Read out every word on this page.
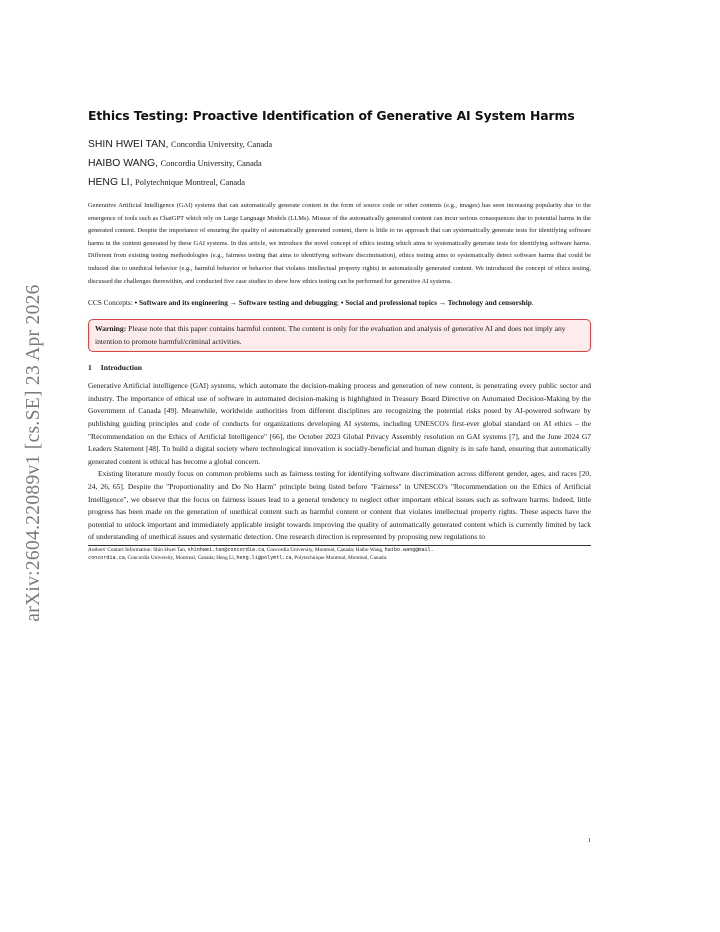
arXiv:2604.22089v1 [cs.SE] 23 Apr 2026
Ethics Testing: Proactive Identification of Generative AI System Harms
SHIN HWEI TAN, Concordia University, Canada
HAIBO WANG, Concordia University, Canada
HENG LI, Polytechnique Montreal, Canada
Generative Artificial Intelligence (GAI) systems that can automatically generate content in the form of source code or other contents (e.g., images) has seen increasing popularity due to the emergence of tools such as ChatGPT which rely on Large Language Models (LLMs). Misuse of the automatically generated content can incur serious consequences due to potential harms in the generated content. Despite the importance of ensuring the quality of automatically generated content, there is little to no approach that can systematically generate tests for identifying software harms in the content generated by these GAI systems. In this article, we introduce the novel concept of ethics testing which aims to systematically generate tests for identifying software harms. Different from existing testing methodologies (e.g., fairness testing that aims to identifying software discrimination), ethics testing aims to systematically detect software harms that could be induced due to unethical behavior (e.g., harmful behavior or behavior that violates intellectual property rights) in automatically generated content. We introduced the concept of ethics testing, discussed the challenges therewithin, and conducted five case studies to show how ethics testing can be performed for generative AI systems.
CCS Concepts: • Software and its engineering → Software testing and debugging; • Social and professional topics → Technology and censorship.
Warning: Please note that this paper contains harmful content. The content is only for the evaluation and analysis of generative AI and does not imply any intention to promote harmful/criminal activities.
1 Introduction

Generative Artificial intelligence (GAI) systems, which automate the decision-making process and generation of new content, is penetrating every public sector and industry. The importance of ethical use of software in automated decision-making is highlighted in Treasury Board Directive on Automated Decision-Making by the Government of Canada [49]. Meanwhile, worldwide authorities from different disciplines are recognizing the potential risks posed by AI-powered software by publishing guiding principles and code of conducts for organizations developing AI systems, including UNESCO's first-ever global standard on AI ethics – the "Recommendation on the Ethics of Artificial Intelligence" [66], the October 2023 Global Privacy Assembly resolution on GAI systems [7], and the June 2024 G7 Leaders Statement [48]. To build a digital society where technological innovation is socially-beneficial and human dignity is in safe hand, ensuring that automatically generated content is ethical has become a global concern.

Existing literature mostly focus on common problems such as fairness testing for identifying software discrimination across different gender, ages, and races [20, 24, 26, 65]. Despite the "Proportionality and Do No Harm" principle being listed before "Fairness" in UNESCO's "Recommendation on the Ethics of Artificial Intelligence", we observe that the focus on fairness issues lead to a general tendency to neglect other important ethical issues such as software harms. Indeed, little progress has been made on the generation of unethical content such as harmful content or content that violates intellectual property rights. These aspects have the potential to unlock important and immediately applicable insight towards improving the quality of automatically generated content which is currently limited by lack of understanding of unethical issues and systematic detection. One research direction is represented by proposing new regulations to

Authors' Contact Information: Shin Hwei Tan, shinhwei.tan@concordia.ca, Concordia University, Montreal, Canada; Haibo Wang, haibo.wang@mail.
concordia.ca, Concordia University, Montreal, Canada; Heng Li, heng.li@polymtl.ca, Polytechnique Montreal, Montreal, Canada.
1
